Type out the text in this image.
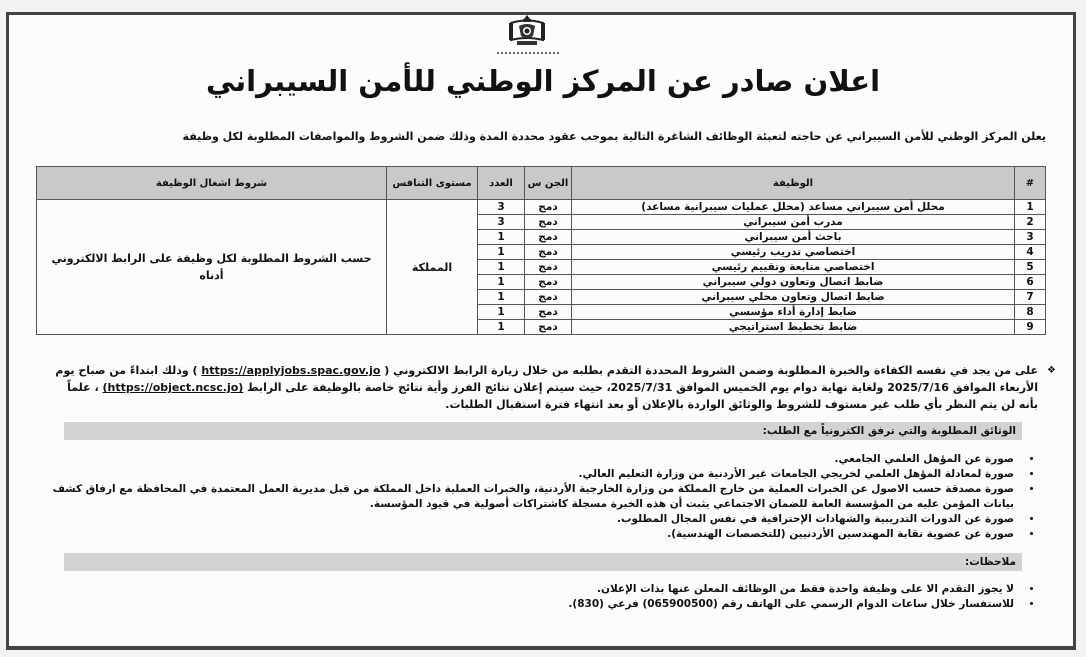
اعلان صادر عن المركز الوطني للأمن السيبراني
يعلن المركز الوطني للأمن السيبراني عن حاجته لتعبئة الوظائف الشاغرة التالية بموجب عقود محددة المدة وذلك ضمن الشروط والمواصفات المطلوبة لكل وظيفة
#	الوظيفة	الجن س	العدد	مستوى التنافس	شروط اشغال الوظيفة
1	محلل أمن سيبراني مساعد (محلل عمليات سيبرانية مساعد)	دمج	3	المملكة	حسب الشروط المطلوبة لكل وظيفة على الرابط الالكتروني أدناه
2	مدرب أمن سيبراني	دمج	3		
3	باحث أمن سيبراني	دمج	1		
4	اختصاصي تدريب رئيسي	دمج	1		
5	اختصاصي متابعة وتقييم رئيسي	دمج	1		
6	ضابط اتصال وتعاون دولي سيبراني	دمج	1		
7	ضابط اتصال وتعاون محلي سيبراني	دمج	1		
8	ضابط إدارة أداء مؤسسي	دمج	1		
9	ضابط تخطيط استراتيجي	دمج	1		
❖
على من يجد في نفسه الكفاءة والخبرة المطلوبة وضمن الشروط المحددة التقدم بطلبه من خلال زيارة الرابط الالكتروني ( https://applyjobs.spac.gov.jo ) وذلك ابتداءً من صباح يوم الأربعاء الموافق 2025/7/16 ولغاية نهاية دوام يوم الخميس الموافق 2025/7/31، حيث سيتم إعلان نتائج الفرز وأية نتائج خاصة بالوظيفة على الرابط (https://object.ncsc.jo) ، علماً بأنه لن يتم النظر بأي طلب غير مستوف للشروط والوثائق الواردة بالإعلان أو بعد انتهاء فترة استقبال الطلبات.
الوثائق المطلوبة والتي ترفق الكترونياً مع الطلب:
• صورة عن المؤهل العلمي الجامعي.
• صورة لمعادلة المؤهل العلمي لخريجي الجامعات غير الأردنية من وزارة التعليم العالي.
• صورة مصدقة حسب الاصول عن الخبرات العملية من خارج المملكة من وزارة الخارجية الأردنية، والخبرات العملية داخل المملكة من قبل مديرية العمل المعتمدة في المحافظة مع ارفاق كشف بيانات المؤمن عليه من المؤسسة العامة للضمان الاجتماعي يثبت أن هذه الخبرة مسجلة كاشتراكات أصولية في قيود المؤسسة.
• صورة عن الدورات التدريبية والشهادات الإحترافية في نفس المجال المطلوب.
• صورة عن عضوية نقابة المهندسين الأردنيين (للتخصصات الهندسية).
ملاحظات:
• لا يجوز التقدم الا على وظيفة واحدة فقط من الوظائف المعلن عنها بذات الإعلان.
• للاستفسار خلال ساعات الدوام الرسمي على الهاتف رقم (065900500) فرعي (830).
